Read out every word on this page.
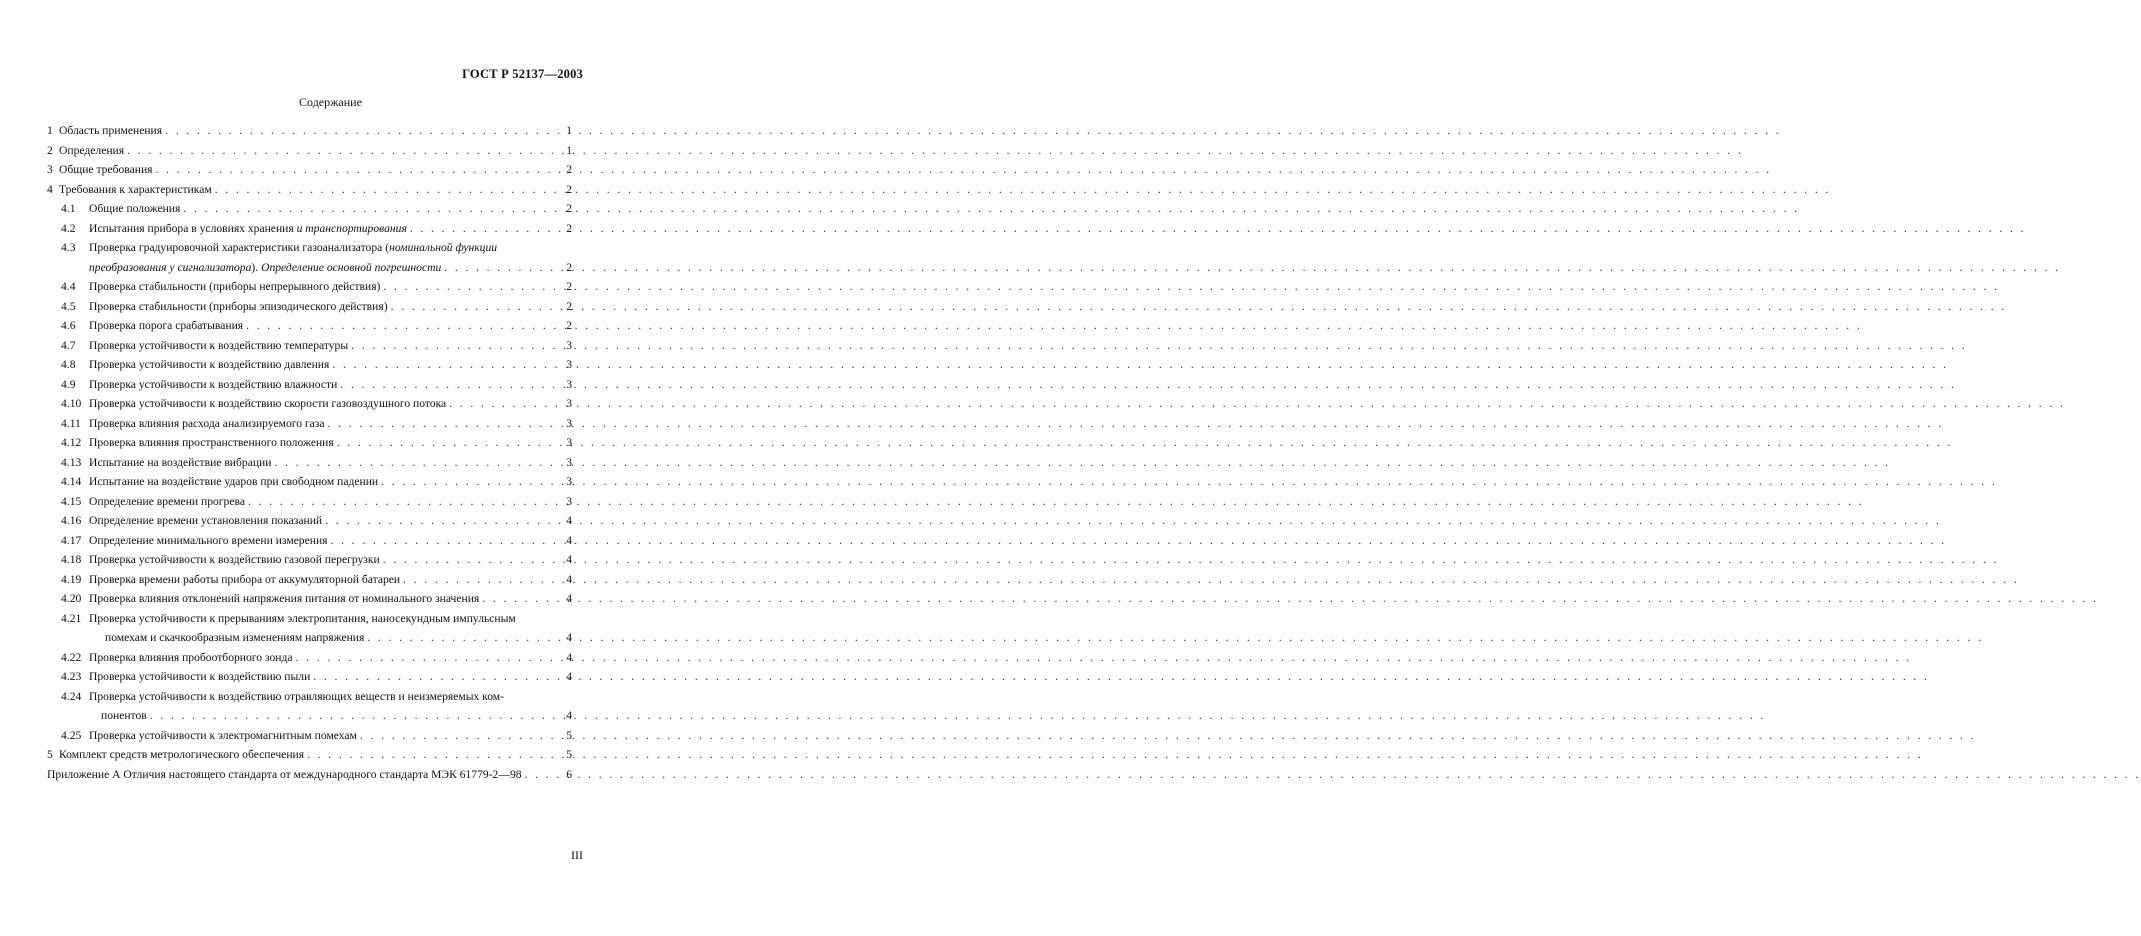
ГОСТ Р 52137—2003
Содержание
1 Область применения . . .	1
2 Определения . . .	1
3 Общие требования . . .	2
4 Требования к характеристикам . . .	2
4.1	Общие положения . . .	2
4.2	Испытания прибора в условиях хранения и транспортирования . . .	2
4.3	Проверка градуировочной характеристики газоанализатора (номинальной функции
преобразования у сигнализатора). Определение основной погрешности . . .	2
4.4	Проверка стабильности (приборы непрерывного действия) . . .	2
4.5	Проверка стабильности (приборы эпизодического действия) . . .	2
4.6	Проверка порога срабатывания . . .	2
4.7	Проверка устойчивости к воздействию температуры . . .	3
4.8	Проверка устойчивости к воздействию давления . . .	3
4.9	Проверка устойчивости к воздействию влажности . . .	3
4.10 Проверка устойчивости к воздействию скорости газовоздушного потока . . .	3
4.11 Проверка влияния расхода анализируемого газа . . .	3
4.12 Проверка влияния пространственного положения . . .	3
4.13 Испытание на воздействие вибрации . . .	3
4.14 Испытание на воздействие ударов при свободном падении . . .	3
4.15 Определение времени прогрева . . .	3
4.16 Определение времени установления показаний . . .	4
4.17 Определение минимального времени измерения . . .	4
4.18 Проверка устойчивости к воздействию газовой перегрузки . . .	4
4.19 Проверка времени работы прибора от аккумуляторной батареи . . .	4
4.20 Проверка влияния отклонений напряжения питания от номинального значения . . .	4
4.21 Проверка устойчивости к прерываниям электропитания, наносекундным импульсным
помехам и скачкообразным изменениям напряжения . . .	4
4.22 Проверка влияния пробоотборного зонда . . .	4
4.23 Проверка устойчивости к воздействию пыли . . .	4
4.24 Проверка устойчивости к воздействию отравляющих веществ и неизмеряемых ком-
понентов . . .	4
4.25 Проверка устойчивости к электромагнитным помехам . . .	5
5 Комплект средств метрологического обеспечения . . .	5
Приложение А Отличия настоящего стандарта от международного стандарта МЭК 61779-2—98 . . .	6
III
